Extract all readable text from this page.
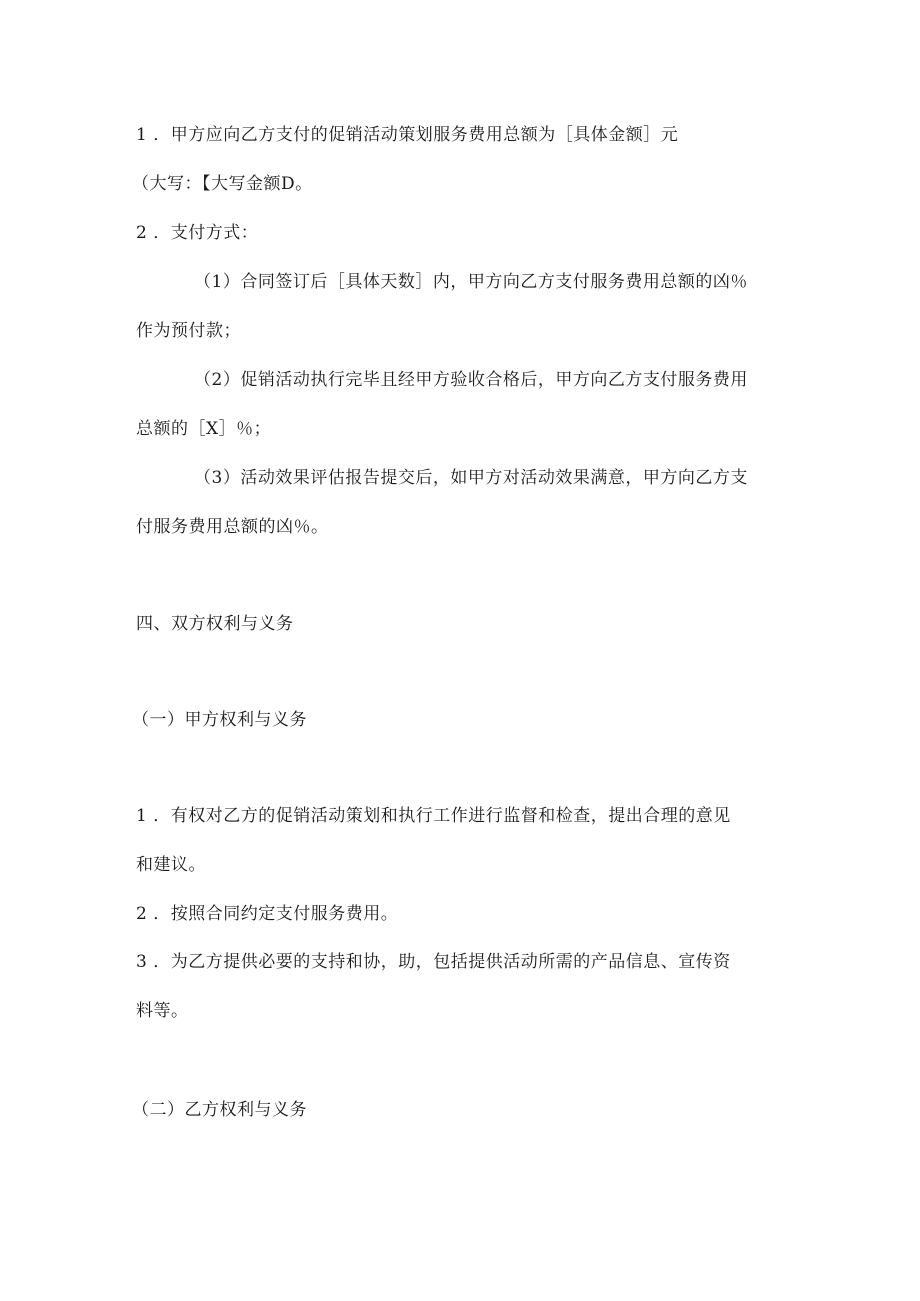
1 ．甲方应向乙方支付的促销活动策划服务费用总额为［具体金额］元
（大写：【大写金额D。
2 ．支付方式：
（1）合同签订后［具体天数］内，甲方向乙方支付服务费用总额的凶％
作为预付款；
（2）促销活动执行完毕且经甲方验收合格后，甲方向乙方支付服务费用
总额的［X］％；
（3）活动效果评估报告提交后，如甲方对活动效果满意，甲方向乙方支
付服务费用总额的凶％。
四、双方权利与义务
（一）甲方权利与义务
1 ．有权对乙方的促销活动策划和执行工作进行监督和检查，提出合理的意见
和建议。
2 ．按照合同约定支付服务费用。
3 ．为乙方提供必要的支持和协，助，包括提供活动所需的产品信息、宣传资
料等。
（二）乙方权利与义务
